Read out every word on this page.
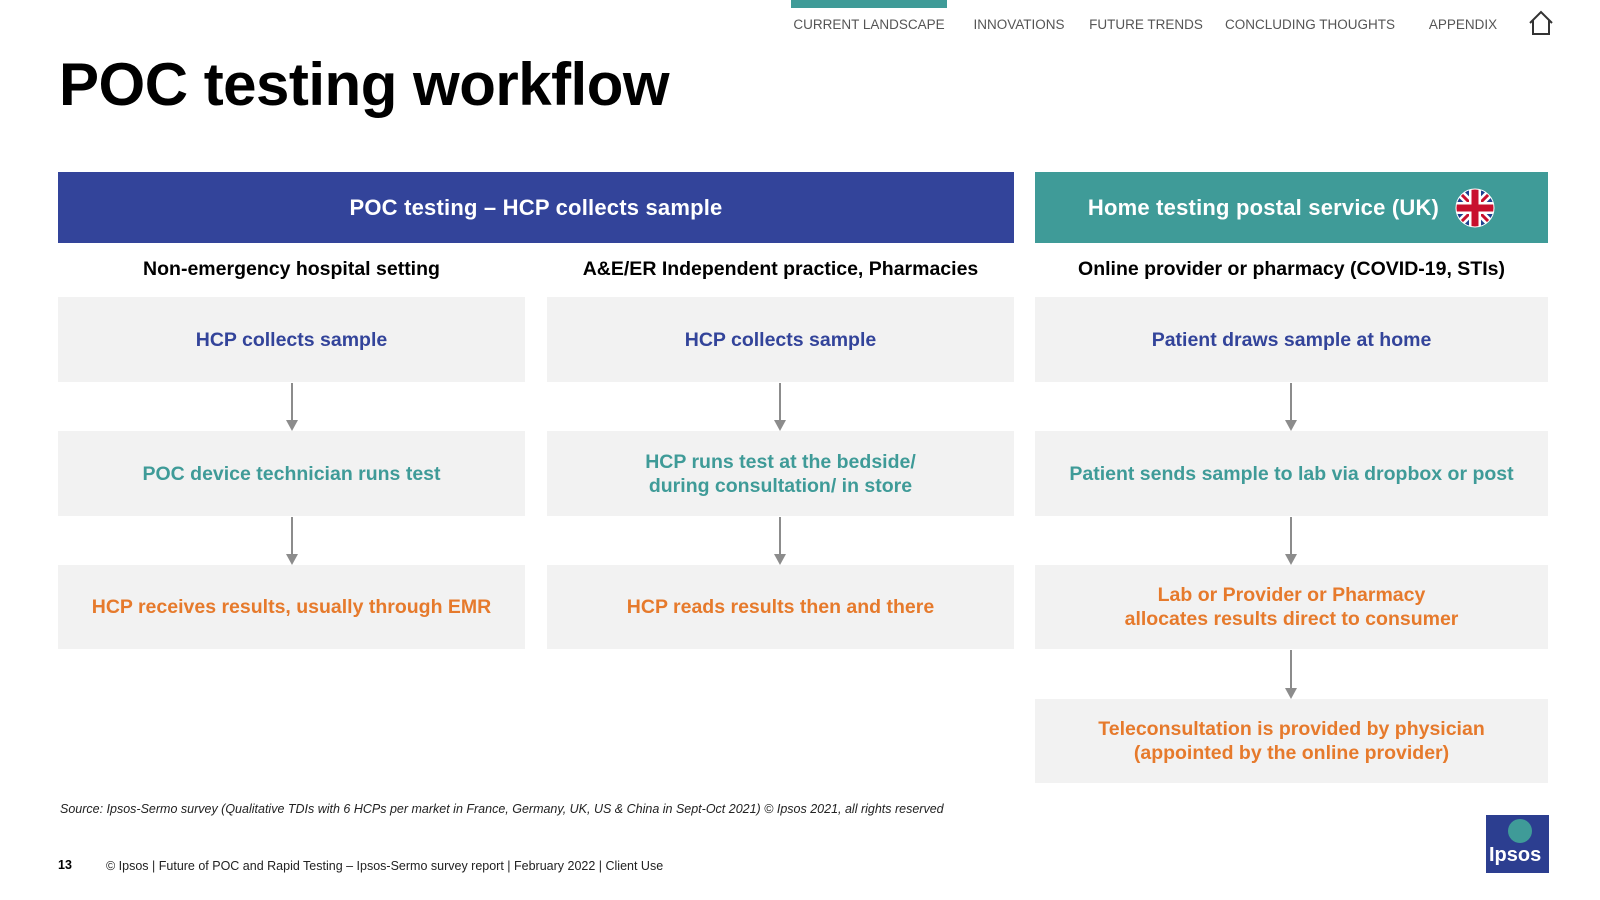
CURRENT LANDSCAPE	INNOVATIONS	FUTURE TRENDS CONCLUDING THOUGHTS	APPENDIX
POC testing workflow
POC testing – HCP collects sample	Home testing postal service (UK)
Non-emergency hospital setting	A&E/ER Independent practice, Pharmacies	Online provider or pharmacy (COVID-19, STIs)
HCP collects sample
POC device technician runs test
HCP receives results, usually through EMR
HCP collects sample
HCP runs test at the bedside/
during consultation/ in store
HCP reads results then and there
Patient draws sample at home
Patient sends sample to lab via dropbox or post
Lab or Provider or Pharmacy
allocates results direct to consumer
Teleconsultation is provided by physician
(appointed by the online provider)
Source: Ipsos-Sermo survey (Qualitative TDIs with 6 HCPs per market in France, Germany, UK, US & China in Sept-Oct 2021) © Ipsos 2021, all rights reserved
13	© Ipsos | Future of POC and Rapid Testing – Ipsos-Sermo survey report | February 2022 | Client Use	Ipsos
